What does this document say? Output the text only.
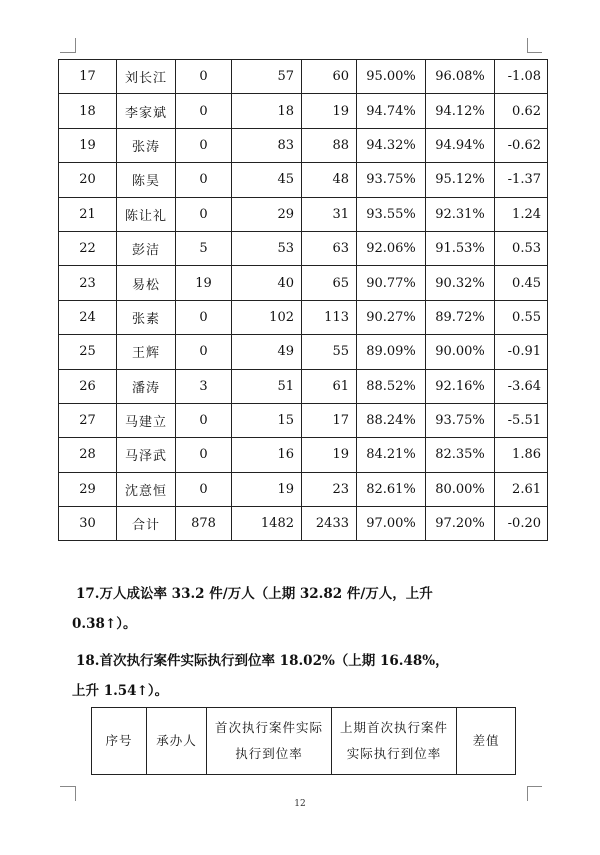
17	刘长江	0	57	60	95.00%	96.08%	-1.08
18	李家斌	0	18	19	94.74%	94.12%	0.62
19	张涛	0	83	88	94.32%	94.94%	-0.62
20	陈昊	0	45	48	93.75%	95.12%	-1.37
21	陈让礼	0	29	31	93.55%	92.31%	1.24
22	彭洁	5	53	63	92.06%	91.53%	0.53
23	易松	19	40	65	90.77%	90.32%	0.45
24	张素	0	102	113	90.27%	89.72%	0.55
25	王辉	0	49	55	89.09%	90.00%	-0.91
26	潘涛	3	51	61	88.52%	92.16%	-3.64
27	马建立	0	15	17	88.24%	93.75%	-5.51
28	马泽武	0	16	19	84.21%	82.35%	1.86
29	沈意恒	0	19	23	82.61%	80.00%	2.61
30	合计	878	1482	2433	97.00%	97.20%	-0.20
17.万人成讼率 33.2 件/万人（上期 32.82 件/万人，上升
0.38↑）。
18.首次执行案件实际执行到位率 18.02%（上期 16.48%，
上升 1.54↑）。
序号	承办人	首次执行案件实际执行到位率	上期首次执行案件实际执行到位率	差值
12
